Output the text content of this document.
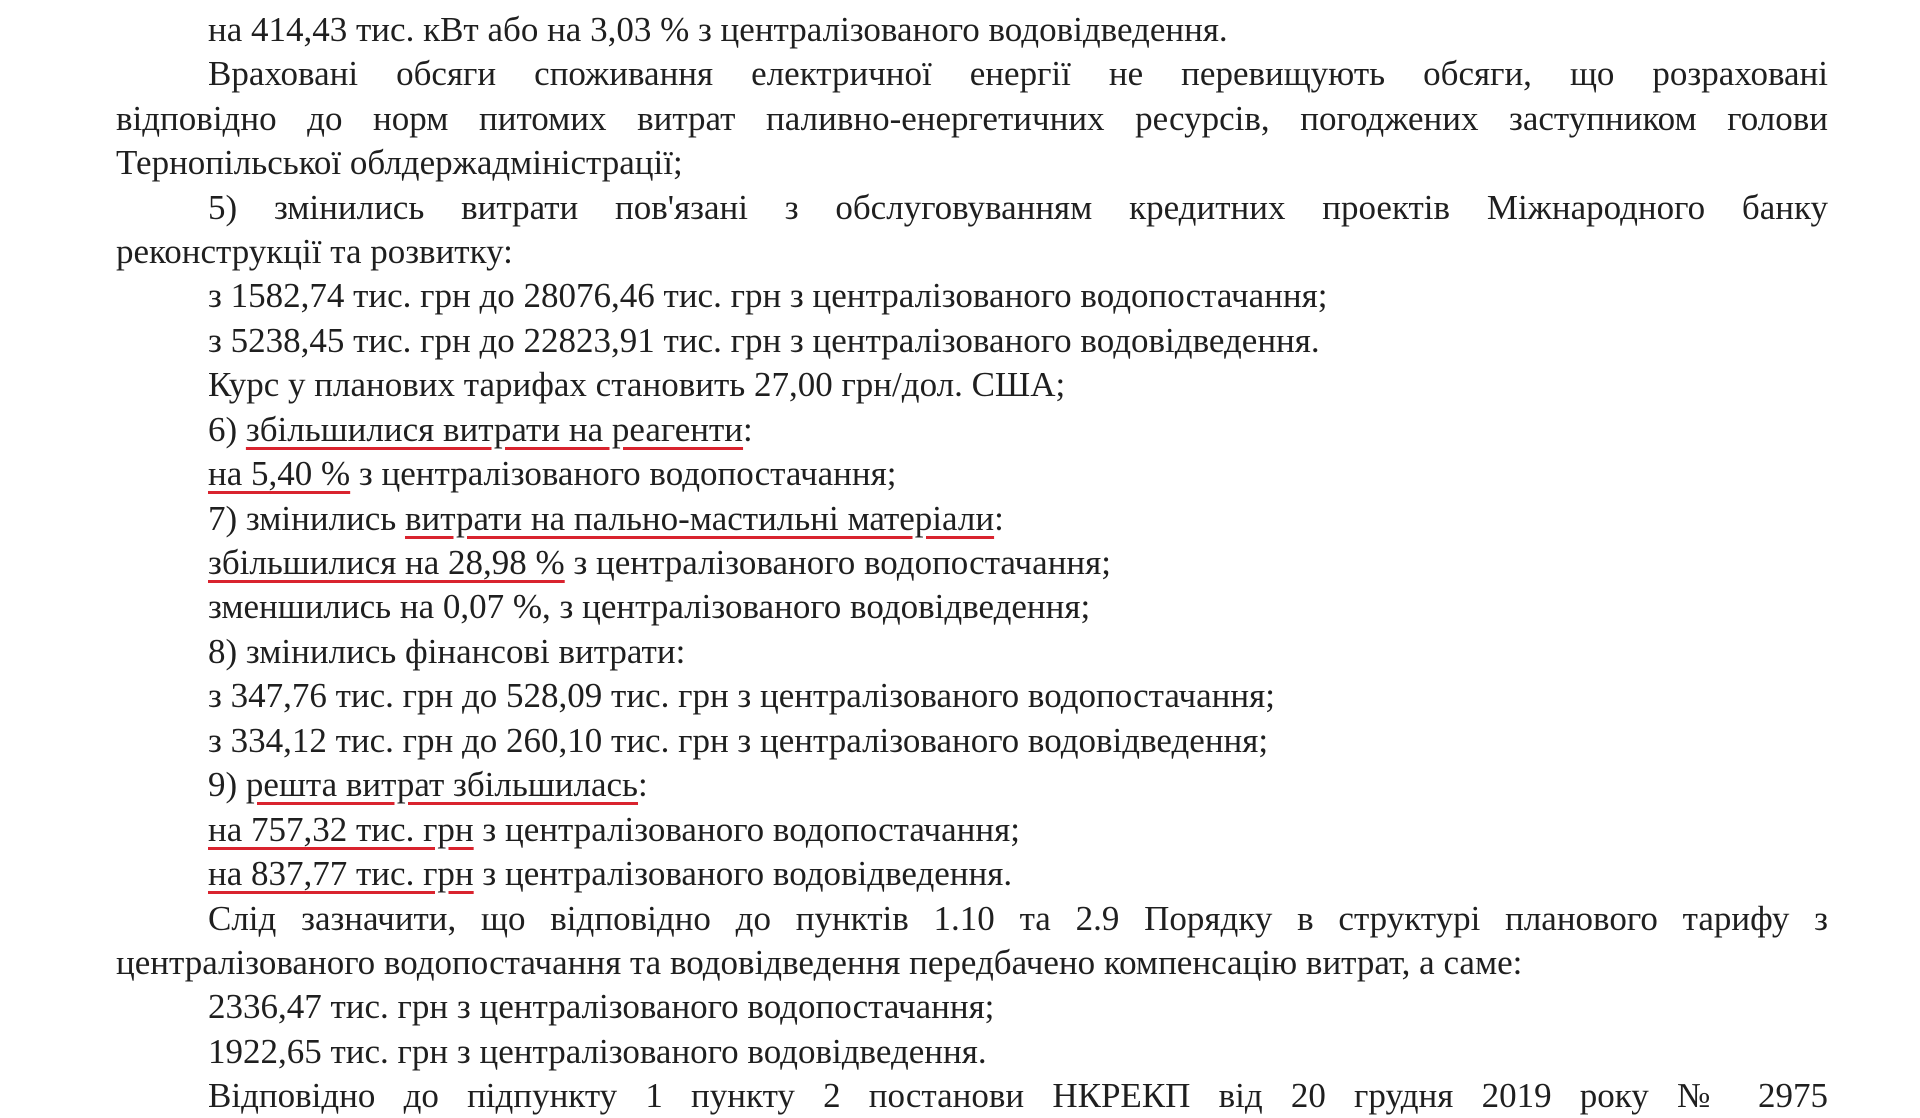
на 414,43 тис. кВт або на 3,03 % з централізованого водовідведення.
Враховані обсяги споживання електричної енергії не перевищують обсяги, що розраховані
відповідно до норм питомих витрат паливно-енергетичних ресурсів, погоджених заступником голови
Тернопільської облдержадміністрації;
5) змінились витрати пов'язані з обслуговуванням кредитних проектів Міжнародного банку
реконструкції та розвитку:
з 1582,74 тис. грн до 28076,46 тис. грн з централізованого водопостачання;
з 5238,45 тис. грн до 22823,91 тис. грн з централізованого водовідведення.
Курс у планових тарифах становить 27,00 грн/дол. США;
6) збільшилися витрати на реагенти:
на 5,40 % з централізованого водопостачання;
7) змінились витрати на пально-мастильні матеріали:
збільшилися на 28,98 % з централізованого водопостачання;
зменшились на 0,07 %, з централізованого водовідведення;
8) змінились фінансові витрати:
з 347,76 тис. грн до 528,09 тис. грн з централізованого водопостачання;
з 334,12 тис. грн до 260,10 тис. грн з централізованого водовідведення;
9) решта витрат збільшилась:
на 757,32 тис. грн з централізованого водопостачання;
на 837,77 тис. грн з централізованого водовідведення.
Слід зазначити, що відповідно до пунктів 1.10 та 2.9 Порядку в структурі планового тарифу з
централізованого водопостачання та водовідведення передбачено компенсацію витрат, а саме:
2336,47 тис. грн з централізованого водопостачання;
1922,65 тис. грн з централізованого водовідведення.
Відповідно до підпункту 1 пункту 2 постанови НКРЕКП від 20 грудня 2019 року № 2975
